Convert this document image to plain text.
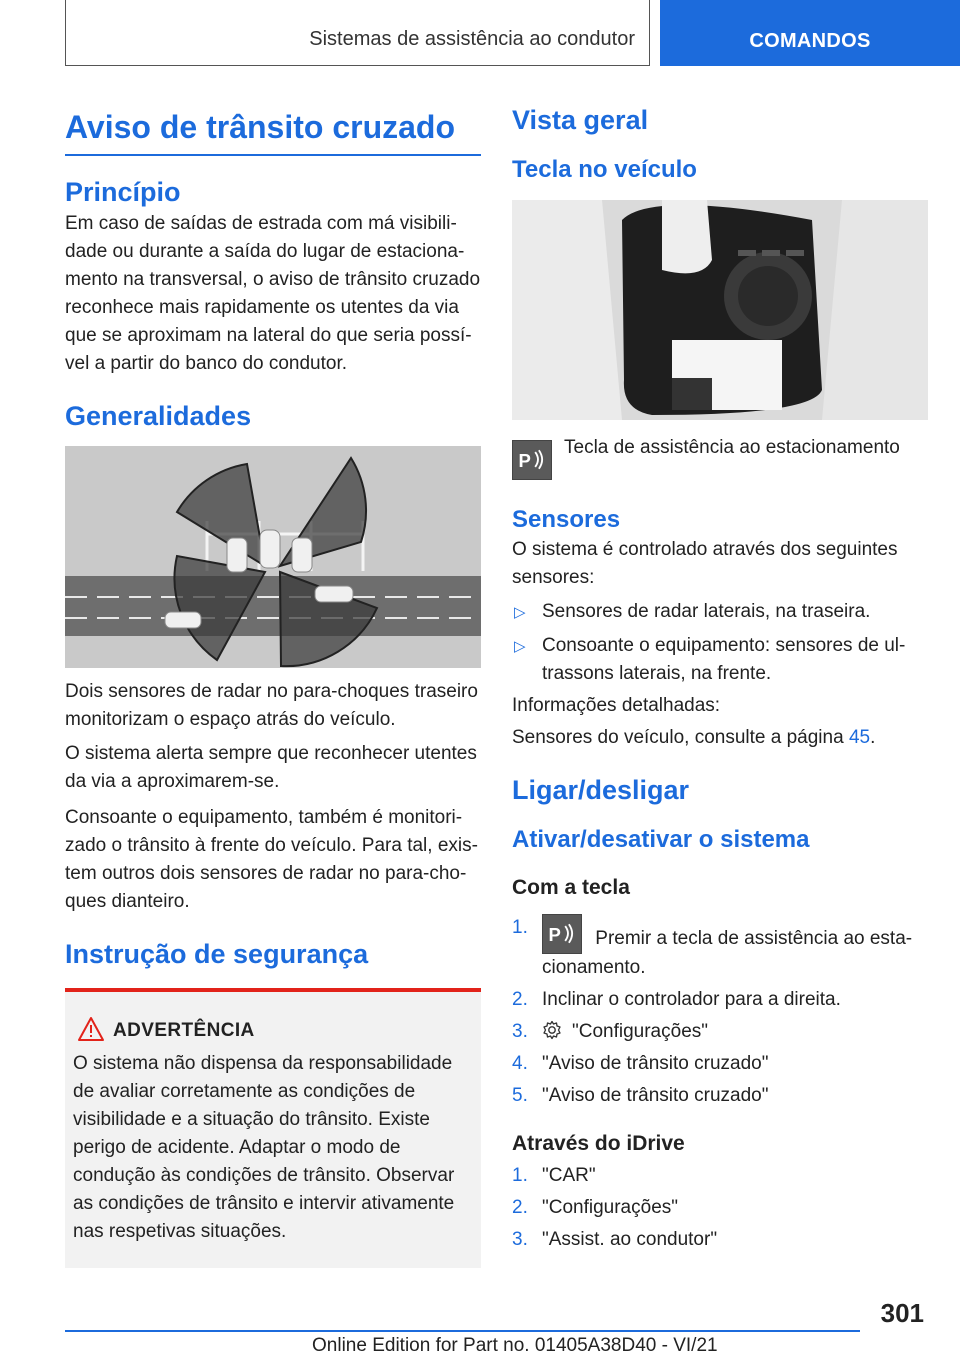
Sistemas de assistência ao condutor	COMANDOS
Aviso de trânsito cruzado
Princípio
Em caso de saídas de estrada com má visibilidade ou durante a saída do lugar de estacionamento na transversal, o aviso de trânsito cruzado reconhece mais rapidamente os utentes da via que se aproximam na lateral do que seria possível a partir do banco do condutor.
Generalidades
Dois sensores de radar no para-choques traseiro monitorizam o espaço atrás do veículo.
O sistema alerta sempre que reconhecer utentes da via a aproximarem-se.
Consoante o equipamento, também é monitorizado o trânsito à frente do veículo. Para tal, existem outros dois sensores de radar no para-choques dianteiro.
Instrução de segurança
ADVERTÊNCIA
O sistema não dispensa da responsabilidade de avaliar corretamente as condições de visibilidade e a situação do trânsito. Existe perigo de acidente. Adaptar o modo de condução às condições de trânsito. Observar as condições de trânsito e intervir ativamente nas respetivas situações.
Vista geral
Tecla no veículo
P
Tecla de assistência ao estacionamento
Sensores
O sistema é controlado através dos seguintes sensores:
▷ Sensores de radar laterais, na traseira.
▷ Consoante o equipamento: sensores de ultrassons laterais, na frente.
Informações detalhadas:
Sensores do veículo, consulte a página 45.
Ligar/desligar
Ativar/desativar o sistema
Com a tecla
1. P Premir a tecla de assistência ao estacionamento.
2. Inclinar o controlador para a direita.
3. "Configurações"
4. "Aviso de trânsito cruzado"
5. "Aviso de trânsito cruzado"
Através do iDrive
1. "CAR"
2. "Configurações"
3. "Assist. ao condutor"
301
Online Edition for Part no. 01405A38D40 - VI/21
